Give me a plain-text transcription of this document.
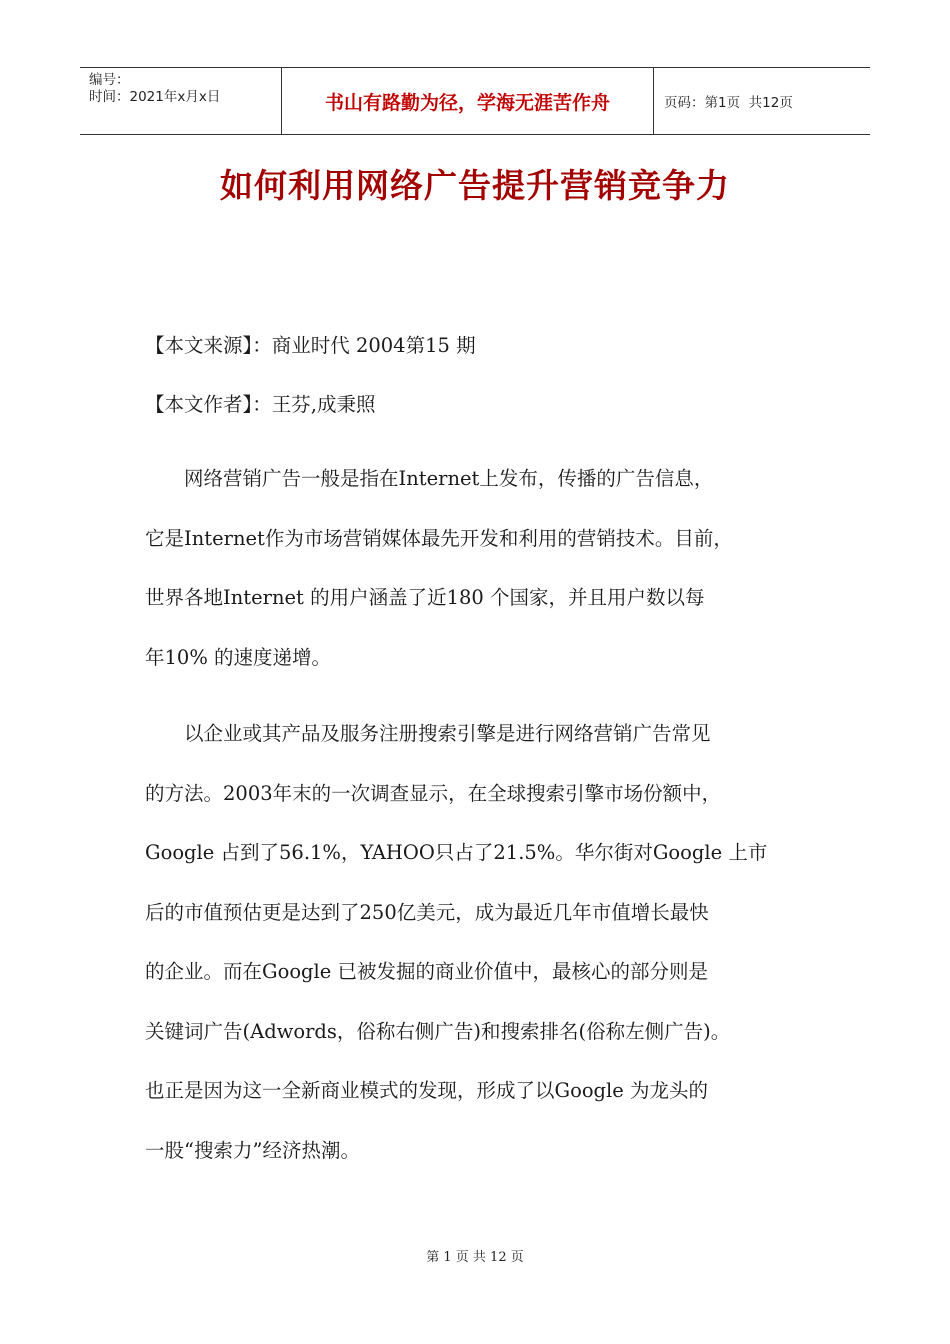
编号：
时间：2021年x月x日	书山有路勤为径，学海无涯苦作舟	页码：第1页  共12页
如何利用网络广告提升营销竞争力
【本文来源】：商业时代 2004第15 期
【本文作者】：王芬,成秉照
　　网络营销广告一般是指在Internet上发布，传播的广告信息，
它是Internet作为市场营销媒体最先开发和利用的营销技术。目前，
世界各地Internet 的用户涵盖了近180 个国家，并且用户数以每
年10% 的速度递增。
　　以企业或其产品及服务注册搜索引擎是进行网络营销广告常见
的方法。2003年末的一次调查显示，在全球搜索引擎市场份额中，
Google 占到了56.1%，YAHOO只占了21.5%。华尔街对Google 上市
后的市值预估更是达到了250亿美元，成为最近几年市值增长最快
的企业。而在Google 已被发掘的商业价值中，最核心的部分则是
关键词广告(Adwords，俗称右侧广告)和搜索排名(俗称左侧广告)。
也正是因为这一全新商业模式的发现，形成了以Google 为龙头的
一股“搜索力”经济热潮。
第 1 页 共 12 页
